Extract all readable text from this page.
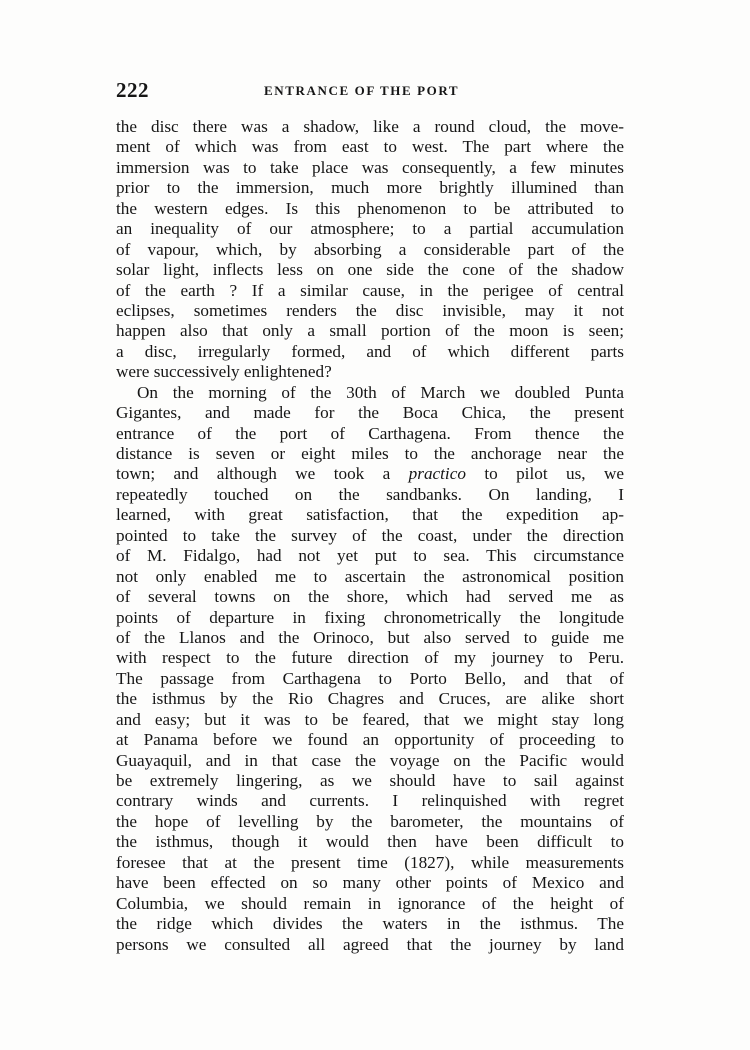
222	ENTRANCE OF THE PORT
the disc there was a shadow, like a round cloud, the move-
ment of which was from east to west. The part where the
immersion was to take place was consequently, a few minutes
prior to the immersion, much more brightly illumined than
the western edges. Is this phenomenon to be attributed to
an inequality of our atmosphere; to a partial accumulation
of vapour, which, by absorbing a considerable part of the
solar light, inflects less on one side the cone of the shadow
of the earth ? If a similar cause, in the perigee of central
eclipses, sometimes renders the disc invisible, may it not
happen also that only a small portion of the moon is seen;
a disc, irregularly formed, and of which different parts
were successively enlightened?
On the morning of the 30th of March we doubled Punta
Gigantes, and made for the Boca Chica, the present
entrance of the port of Carthagena. From thence the
distance is seven or eight miles to the anchorage near the
town; and although we took a practico to pilot us, we
repeatedly touched on the sandbanks. On landing, I
learned, with great satisfaction, that the expedition ap-
pointed to take the survey of the coast, under the direction
of M. Fidalgo, had not yet put to sea. This circumstance
not only enabled me to ascertain the astronomical position
of several towns on the shore, which had served me as
points of departure in fixing chronometrically the longitude
of the Llanos and the Orinoco, but also served to guide me
with respect to the future direction of my journey to Peru.
The passage from Carthagena to Porto Bello, and that of
the isthmus by the Rio Chagres and Cruces, are alike short
and easy; but it was to be feared, that we might stay long
at Panama before we found an opportunity of proceeding to
Guayaquil, and in that case the voyage on the Pacific would
be extremely lingering, as we should have to sail against
contrary winds and currents. I relinquished with regret
the hope of levelling by the barometer, the mountains of
the isthmus, though it would then have been difficult to
foresee that at the present time (1827), while measurements
have been effected on so many other points of Mexico and
Columbia, we should remain in ignorance of the height of
the ridge which divides the waters in the isthmus. The
persons we consulted all agreed that the journey by land
